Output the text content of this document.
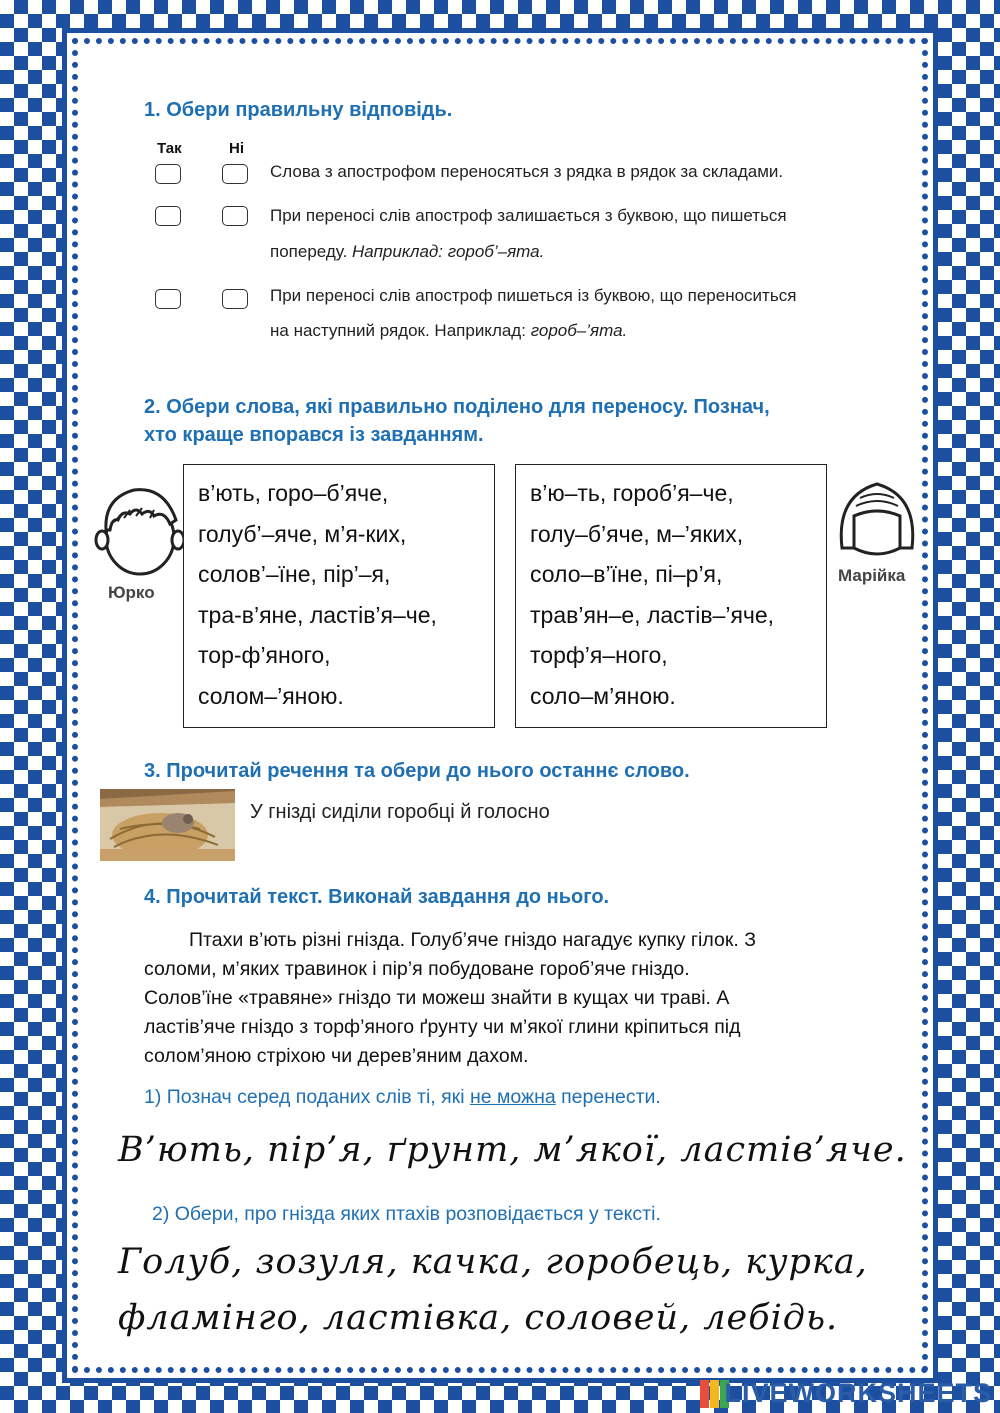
1. Обери правильну відповідь.
Так	Ні
Слова з апострофом переносяться з рядка в рядок за складами.
При переносі слів апостроф залишається з буквою, що пишеться
попереду. Наприклад: гороб’–ята.
При переносі слів апостроф пишеться із буквою, що переноситься
на наступний рядок. Наприклад: гороб–’ята.
2. Обери слова, які правильно поділено для переносу. Познач,
хто краще впорався із завданням.
Юрко
в’ють, горо–б’яче,
голуб’–яче, м’я-ких,
солов’–їне, пір’–я,
тра-в’яне, ластів’я–че,
тор-ф’яного,
солом–’яною.
в’ю–ть, гороб’я–че,
голу–б’яче, м–’яких,
соло–в’їне, пі–р’я,
трав’ян–е, ластів–’яче,
торф’я–ного,
соло–м’яною.
Марійка
3. Прочитай речення та обери до нього останнє слово.
У гнізді сиділи горобці й голосно
4. Прочитай текст. Виконай завдання до нього.
Птахи в’ють різні гнізда. Голуб’яче гніздо нагадує купку гілок. З
соломи, м’яких травинок і пір’я побудоване гороб’яче гніздо.
Солов’їне «травяне» гніздо ти можеш знайти в кущах чи траві. А
ластів’яче гніздо з торф’яного ґрунту чи м’якої глини кріпиться під
солом’яною стріхою чи дерев’яним дахом.
1) Познач серед поданих слів ті, які не можна перенести.
В’ють, пір’я, ґрунт, м’якої, ластів’яче.
2) Обери, про гнізда яких птахів розповідається у тексті.
Голуб, зозуля, качка, горобець, курка,
фламінго, ластівка, соловей, лебідь.
LIVEWORKSHEETS
